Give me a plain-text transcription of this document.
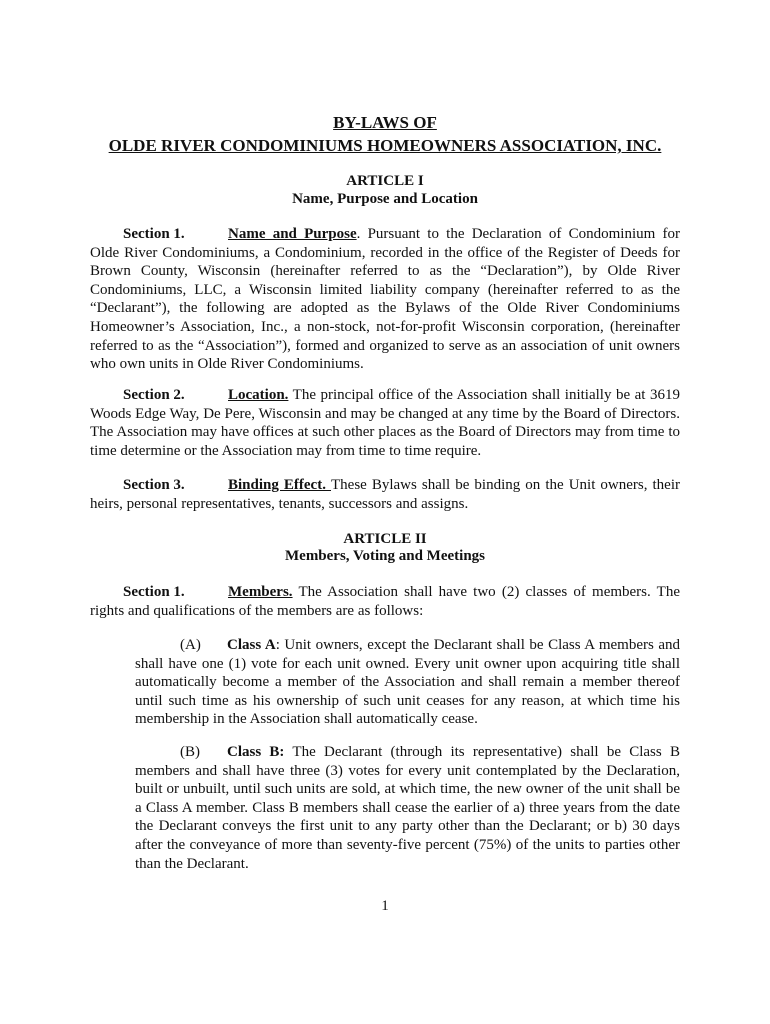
BY-LAWS OF
OLDE RIVER CONDOMINIUMS HOMEOWNERS ASSOCIATION, INC.
ARTICLE I
Name, Purpose and Location
Section 1.	Name and Purpose. Pursuant to the Declaration of Condominium for Olde River Condominiums, a Condominium, recorded in the office of the Register of Deeds for Brown County, Wisconsin (hereinafter referred to as the “Declaration”), by Olde River Condominiums, LLC, a Wisconsin limited liability company (hereinafter referred to as the “Declarant”), the following are adopted as the Bylaws of the Olde River Condominiums Homeowner’s Association, Inc., a non-stock, not-for-profit Wisconsin corporation, (hereinafter referred to as the “Association”), formed and organized to serve as an association of unit owners who own units in Olde River Condominiums.
Section 2.	Location. The principal office of the Association shall initially be at 3619 Woods Edge Way, De Pere, Wisconsin and may be changed at any time by the Board of Directors. The Association may have offices at such other places as the Board of Directors may from time to time determine or the Association may from time to time require.
Section 3.	Binding Effect. These Bylaws shall be binding on the Unit owners, their heirs, personal representatives, tenants, successors and assigns.
ARTICLE II
Members, Voting and Meetings
Section 1.	Members. The Association shall have two (2) classes of members. The rights and qualifications of the members are as follows:
(A) Class A: Unit owners, except the Declarant shall be Class A members and shall have one (1) vote for each unit owned. Every unit owner upon acquiring title shall automatically become a member of the Association and shall remain a member thereof until such time as his ownership of such unit ceases for any reason, at which time his membership in the Association shall automatically cease.
(B) Class B: The Declarant (through its representative) shall be Class B members and shall have three (3) votes for every unit contemplated by the Declaration, built or unbuilt, until such units are sold, at which time, the new owner of the unit shall be a Class A member. Class B members shall cease the earlier of a) three years from the date the Declarant conveys the first unit to any party other than the Declarant; or b) 30 days after the conveyance of more than seventy-five percent (75%) of the units to parties other than the Declarant.
1
